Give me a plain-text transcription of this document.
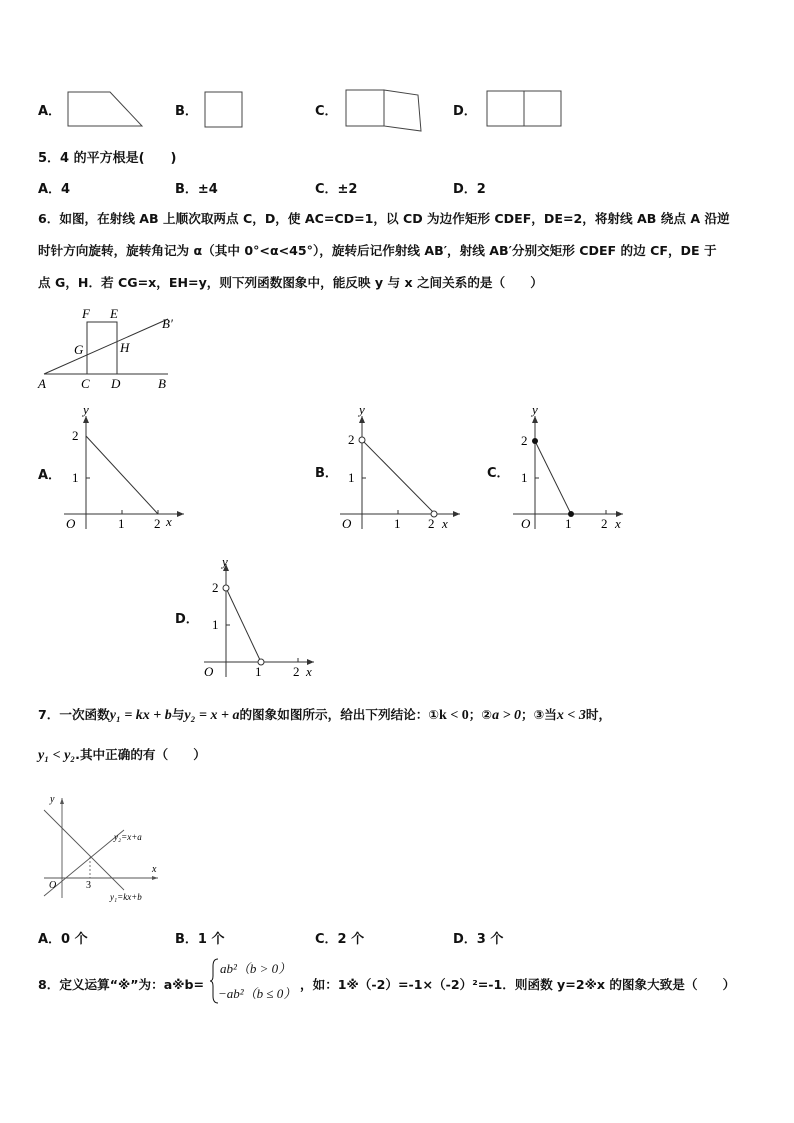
A．	B．	C．	D．
5．4 的平方根是(　　)
A．4	B．±4	C．±2	D．2
6．如图，在射线 AB 上顺次取两点 C，D，使 AC=CD=1，以 CD 为边作矩形 CDEF，DE=2，将射线 AB 绕点 A 沿逆
时针方向旋转，旋转角记为 α（其中 0°<α<45°），旋转后记作射线 AB′，射线 AB′分别交矩形 CDEF 的边 CF，DE 于
点 G，H．若 CG=x，EH=y，则下列函数图象中，能反映 y 与 x 之间关系的是（　　）
F E
B′
G	H
A	C D	B
A．	B．	C．
D．
y
x
O	1 2
1
2
y
x
O	1 2
1
2
y
x
O	1 2
1
2
y
x
O	1 2
1
2
7．一次函数y₁ = kx + b与y₂ = x + a的图象如图所示，给出下列结论：①k < 0；②a > 0；③当x < 3时，
y₁ < y₂.其中正确的有（　　）
y
x
O	3
y₂=x+a
y₁=kx+b
A．0 个	B．1 个	C．2 个	D．3 个
8．定义运算“※”为：a※b=
ab²（b > 0）
−ab²（b ≤ 0）
，如：1※（-2）=-1×（-2）²=-1．则函数 y=2※x 的图象大致是（　　）
